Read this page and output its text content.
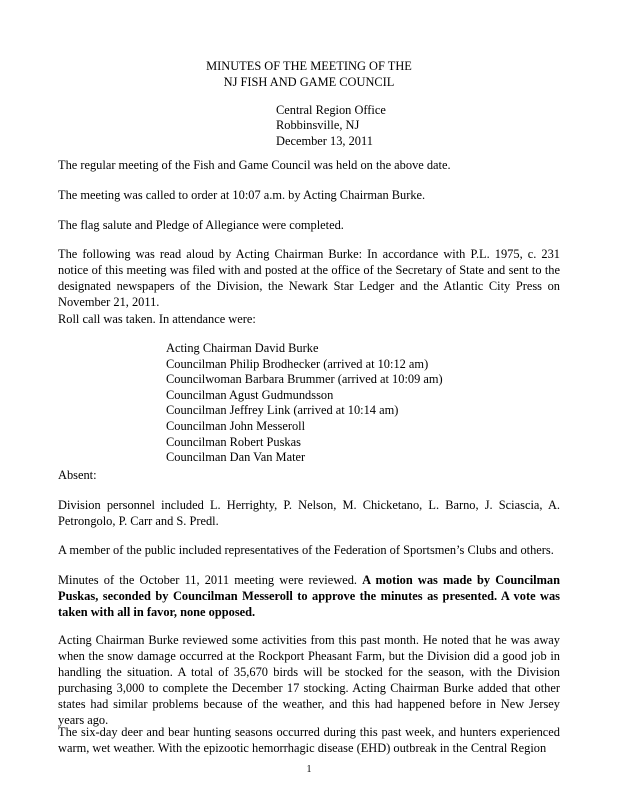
MINUTES OF THE MEETING OF THE
NJ FISH AND GAME COUNCIL
Central Region Office
Robbinsville, NJ
December 13, 2011
The regular meeting of the Fish and Game Council was held on the above date.
The meeting was called to order at 10:07 a.m. by Acting Chairman Burke.
The flag salute and Pledge of Allegiance were completed.
The following was read aloud by Acting Chairman Burke: In accordance with P.L. 1975, c. 231 notice of this meeting was filed with and posted at the office of the Secretary of State and sent to the designated newspapers of the Division, the Newark Star Ledger and the Atlantic City Press on November 21, 2011.
Roll call was taken. In attendance were:
Acting Chairman David Burke
Councilman Philip Brodhecker (arrived at 10:12 am)
Councilwoman Barbara Brummer (arrived at 10:09 am)
Councilman Agust Gudmundsson
Councilman Jeffrey Link (arrived at 10:14 am)
Councilman John Messeroll
Councilman Robert Puskas
Councilman Dan Van Mater
Absent:
Division personnel included L. Herrighty, P. Nelson, M. Chicketano, L. Barno, J. Sciascia, A. Petrongolo, P. Carr and S. Predl.
A member of the public included representatives of the Federation of Sportsmen’s Clubs and others.
Minutes of the October 11, 2011 meeting were reviewed. A motion was made by Councilman Puskas, seconded by Councilman Messeroll to approve the minutes as presented. A vote was taken with all in favor, none opposed.
Acting Chairman Burke reviewed some activities from this past month. He noted that he was away when the snow damage occurred at the Rockport Pheasant Farm, but the Division did a good job in handling the situation. A total of 35,670 birds will be stocked for the season, with the Division purchasing 3,000 to complete the December 17 stocking. Acting Chairman Burke added that other states had similar problems because of the weather, and this had happened before in New Jersey years ago.
The six-day deer and bear hunting seasons occurred during this past week, and hunters experienced warm, wet weather. With the epizootic hemorrhagic disease (EHD) outbreak in the Central Region
1
